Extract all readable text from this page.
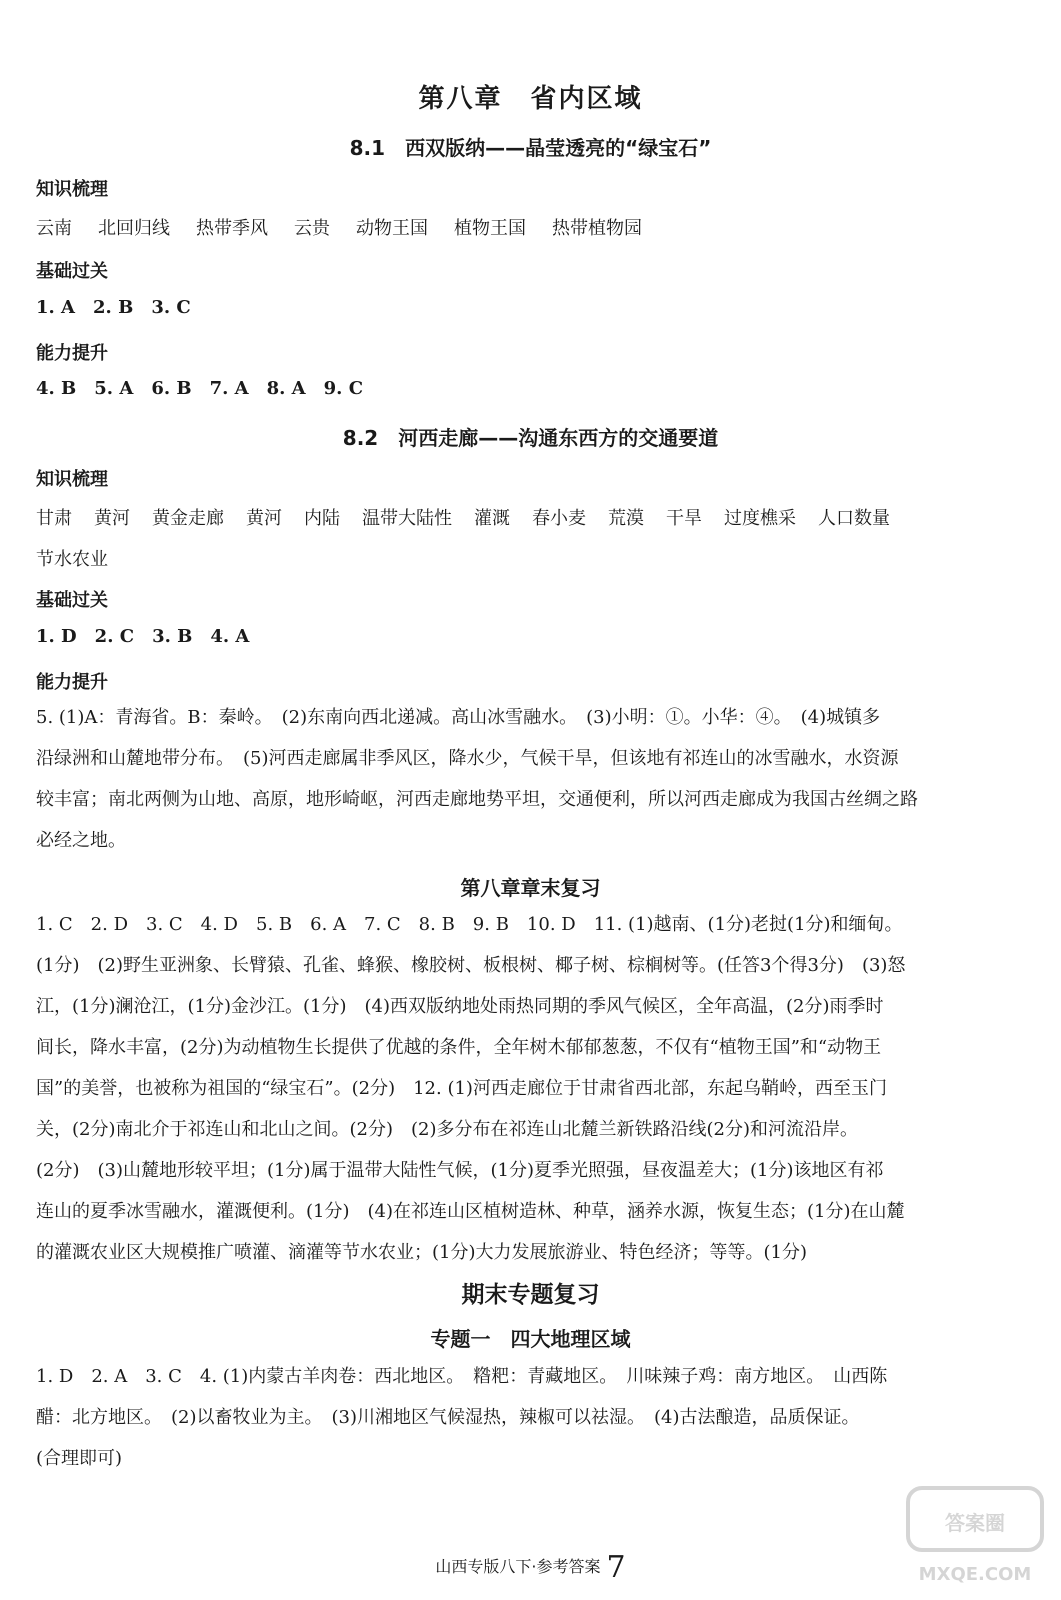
第八章　省内区域
8.1　西双版纳——晶莹透亮的“绿宝石”
知识梳理
云南 北回归线 热带季风 云贵 动物王国 植物王国 热带植物园
基础过关
1. A 2. B 3. C
能力提升
4. B 5. A 6. B 7. A 8. A 9. C
8.2　河西走廊——沟通东西方的交通要道
知识梳理
甘肃 黄河 黄金走廊 黄河 内陆 温带大陆性 灌溉 春小麦 荒漠 干旱 过度樵采 人口数量
节水农业
基础过关
1. D 2. C 3. B 4. A
能力提升
5. (1)A：青海省。B：秦岭。　(2)东南向西北递减。高山冰雪融水。　(3)小明：①。小华：④。　(4)城镇多
沿绿洲和山麓地带分布。　(5)河西走廊属非季风区，降水少，气候干旱，但该地有祁连山的冰雪融水，水资源
较丰富；南北两侧为山地、高原，地形崎岖，河西走廊地势平坦，交通便利，所以河西走廊成为我国古丝绸之路
必经之地。
第八章章末复习
1. C　2. D　3. C　4. D　5. B　6. A　7. C　8. B　9. B　10. D　11. (1)越南、(1分)老挝(1分)和缅甸。
(1分)　(2)野生亚洲象、长臂猿、孔雀、蜂猴、橡胶树、板根树、椰子树、棕榈树等。(任答3个得3分)　(3)怒
江，(1分)澜沧江，(1分)金沙江。(1分)　(4)西双版纳地处雨热同期的季风气候区，全年高温，(2分)雨季时
间长，降水丰富，(2分)为动植物生长提供了优越的条件，全年树木郁郁葱葱，不仅有“植物王国”和“动物王
国”的美誉，也被称为祖国的“绿宝石”。(2分)　12. (1)河西走廊位于甘肃省西北部，东起乌鞘岭，西至玉门
关，(2分)南北介于祁连山和北山之间。(2分)　(2)多分布在祁连山北麓兰新铁路沿线(2分)和河流沿岸。
(2分)　(3)山麓地形较平坦；(1分)属于温带大陆性气候，(1分)夏季光照强，昼夜温差大；(1分)该地区有祁
连山的夏季冰雪融水，灌溉便利。(1分)　(4)在祁连山区植树造林、种草，涵养水源，恢复生态；(1分)在山麓
的灌溉农业区大规模推广喷灌、滴灌等节水农业；(1分)大力发展旅游业、特色经济；等等。(1分)
期末专题复习
专题一　四大地理区域
1. D　2. A　3. C　4. (1)内蒙古羊肉卷：西北地区。　糌粑：青藏地区。　川味辣子鸡：南方地区。　山西陈
醋：北方地区。　(2)以畜牧业为主。　(3)川湘地区气候湿热，辣椒可以祛湿。　(4)古法酿造，品质保证。
(合理即可)
山西专版八下·参考答案 7
答案圈
MXQE.COM
